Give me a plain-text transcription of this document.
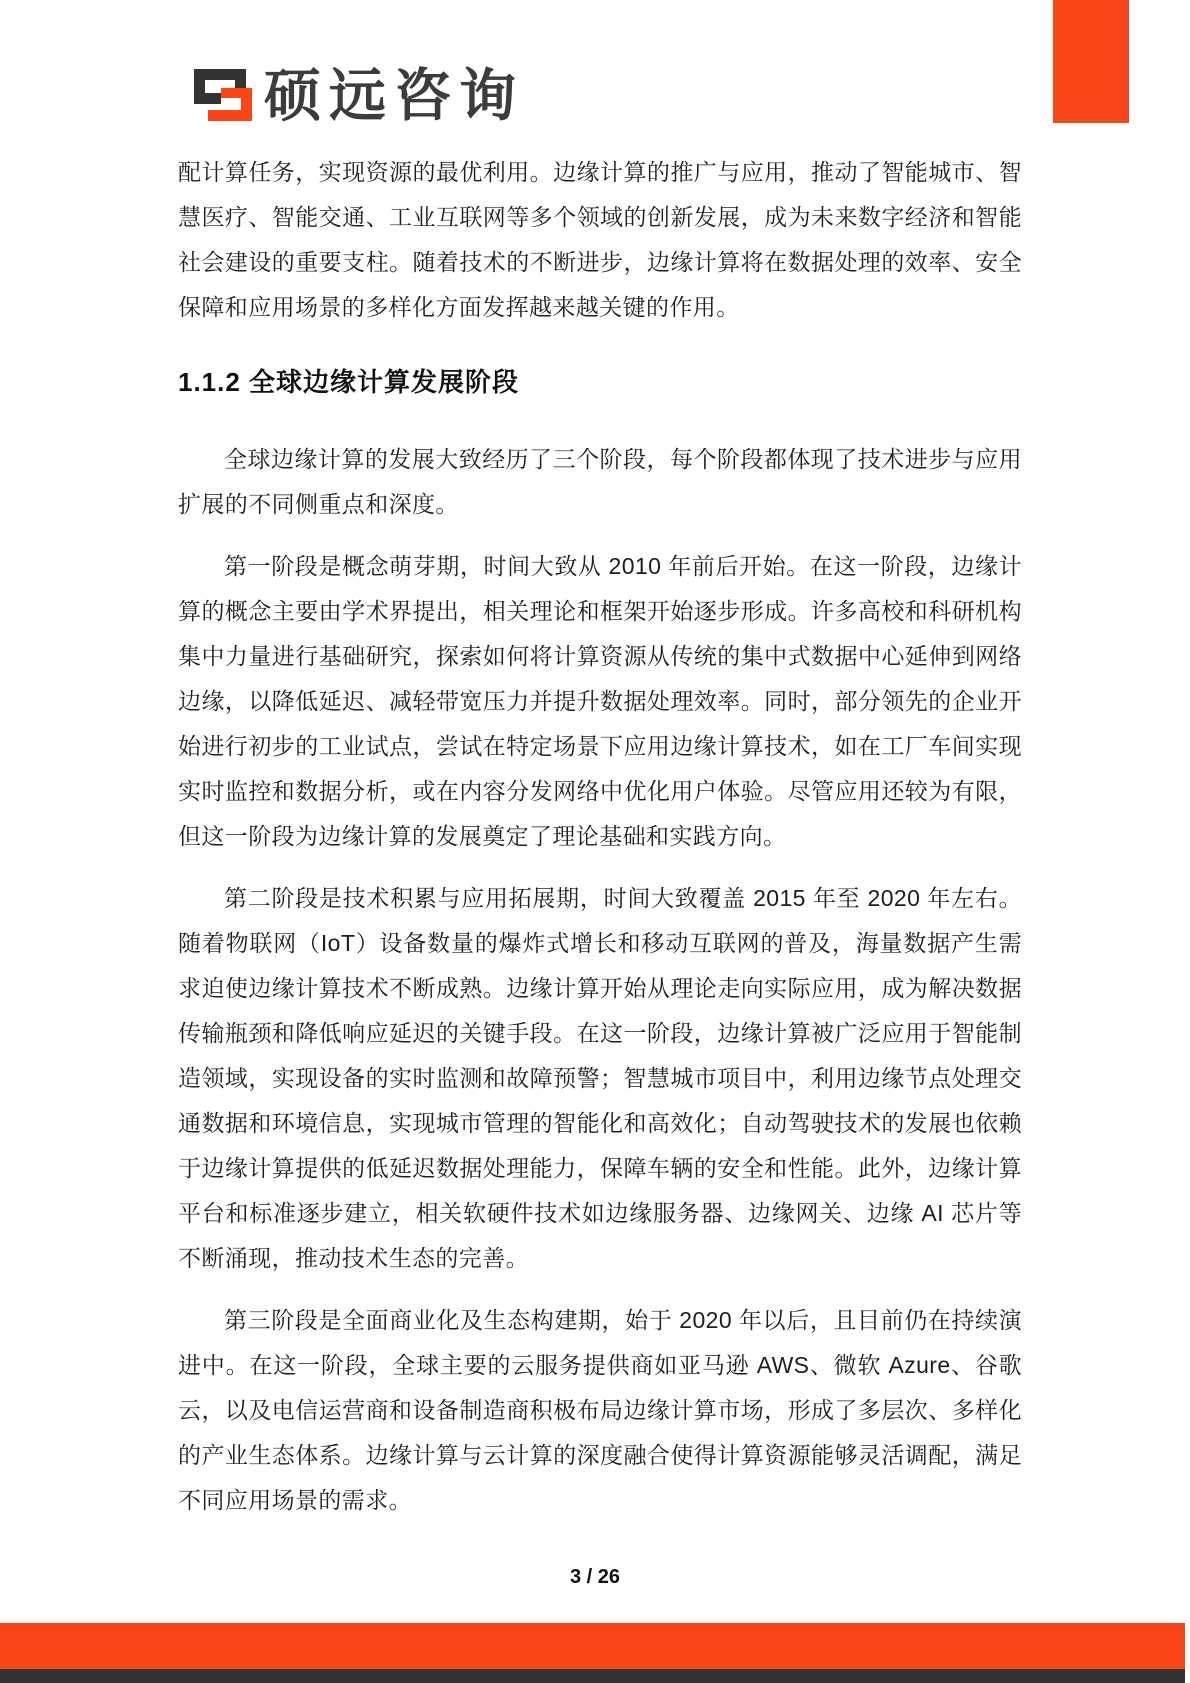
硕远咨询

配计算任务，实现资源的最优利用。边缘计算的推广与应用，推动了智能城市、智慧医疗、智能交通、工业互联网等多个领域的创新发展，成为未来数字经济和智能社会建设的重要支柱。随着技术的不断进步，边缘计算将在数据处理的效率、安全保障和应用场景的多样化方面发挥越来越关键的作用。

1.1.2 全球边缘计算发展阶段

全球边缘计算的发展大致经历了三个阶段，每个阶段都体现了技术进步与应用扩展的不同侧重点和深度。

第一阶段是概念萌芽期，时间大致从 2010 年前后开始。在这一阶段，边缘计算的概念主要由学术界提出，相关理论和框架开始逐步形成。许多高校和科研机构集中力量进行基础研究，探索如何将计算资源从传统的集中式数据中心延伸到网络边缘，以降低延迟、减轻带宽压力并提升数据处理效率。同时，部分领先的企业开始进行初步的工业试点，尝试在特定场景下应用边缘计算技术，如在工厂车间实现实时监控和数据分析，或在内容分发网络中优化用户体验。尽管应用还较为有限，但这一阶段为边缘计算的发展奠定了理论基础和实践方向。

第二阶段是技术积累与应用拓展期，时间大致覆盖 2015 年至 2020 年左右。随着物联网（IoT）设备数量的爆炸式增长和移动互联网的普及，海量数据产生需求迫使边缘计算技术不断成熟。边缘计算开始从理论走向实际应用，成为解决数据传输瓶颈和降低响应延迟的关键手段。在这一阶段，边缘计算被广泛应用于智能制造领域，实现设备的实时监测和故障预警；智慧城市项目中，利用边缘节点处理交通数据和环境信息，实现城市管理的智能化和高效化；自动驾驶技术的发展也依赖于边缘计算提供的低延迟数据处理能力，保障车辆的安全和性能。此外，边缘计算平台和标准逐步建立，相关软硬件技术如边缘服务器、边缘网关、边缘 AI 芯片等不断涌现，推动技术生态的完善。

第三阶段是全面商业化及生态构建期，始于 2020 年以后，且目前仍在持续演进中。在这一阶段，全球主要的云服务提供商如亚马逊 AWS、微软 Azure、谷歌云，以及电信运营商和设备制造商积极布局边缘计算市场，形成了多层次、多样化的产业生态体系。边缘计算与云计算的深度融合使得计算资源能够灵活调配，满足不同应用场景的需求。

3 / 26
